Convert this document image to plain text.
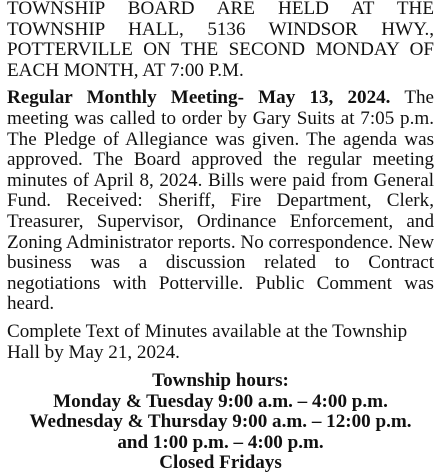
TOWNSHIP BOARD ARE HELD AT THE TOWNSHIP HALL, 5136 WINDSOR HWY., POTTERVILLE ON THE SECOND MONDAY OF EACH MONTH, AT 7:00 P.M.

Regular Monthly Meeting- May 13, 2024. The meeting was called to order by Gary Suits at 7:05 p.m. The Pledge of Allegiance was given. The agenda was approved. The Board approved the regular meeting minutes of April 8, 2024. Bills were paid from General Fund. Received: Sheriff, Fire Department, Clerk, Treasurer, Supervisor, Ordinance Enforcement, and Zoning Administrator reports. No correspondence. New business was a discussion related to Contract negotiations with Potterville. Public Comment was heard.

Complete Text of Minutes available at the Township Hall by May 21, 2024.

Township hours:
Monday & Tuesday 9:00 a.m. – 4:00 p.m.
Wednesday & Thursday 9:00 a.m. – 12:00 p.m.
and 1:00 p.m. – 4:00 p.m.
Closed Fridays
